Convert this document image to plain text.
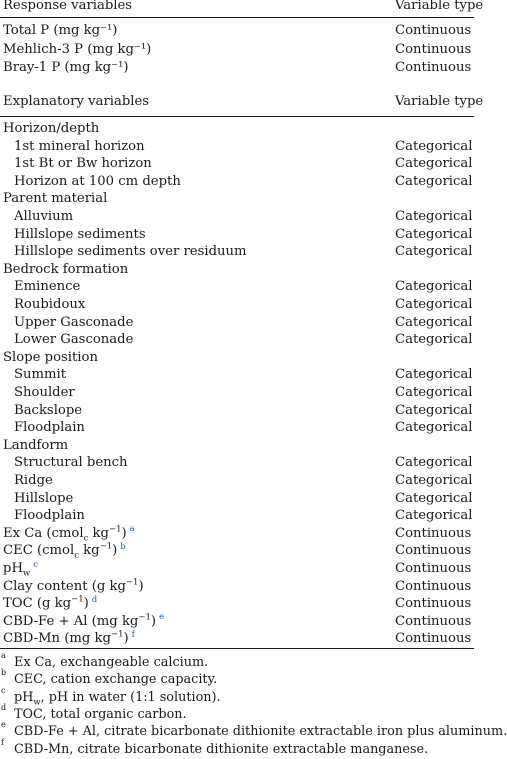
Response variables	Variable type
Total P (mg kg⁻¹)	Continuous
Mehlich-3 P (mg kg⁻¹)	Continuous
Bray-1 P (mg kg⁻¹)	Continuous
Explanatory variables	Variable type
Horizon/depth
1st mineral horizon	Categorical
1st Bt or Bw horizon	Categorical
Horizon at 100 cm depth	Categorical
Parent material
Alluvium	Categorical
Hillslope sediments	Categorical
Hillslope sediments over residuum	Categorical
Bedrock formation
Eminence	Categorical
Roubidoux	Categorical
Upper Gasconade	Categorical
Lower Gasconade	Categorical
Slope position
Summit	Categorical
Shoulder	Categorical
Backslope	Categorical
Floodplain	Categorical
Landform
Structural bench	Categorical
Ridge	Categorical
Hillslope	Categorical
Floodplain	Categorical
Ex Ca (cmol$_c$ $kg^{-1}$) $^a$	Continuous
CEC (cmol$_c$ $kg^{-1}$) $^b$	Continuous
$pH_w^c$	Continuous
Clay content (g $kg^{-1}$)	Continuous
TOC (g $kg^{-1}$) $^d$	Continuous
CBD-Fe + Al (mg $kg^{-1}$) $^e$	Continuous
CBD-Mn (mg $kg^{-1}$) $^f$	Continuous
a Ex Ca, exchangeable calcium.
b CEC, cation exchange capacity.
c $pH_w$, pH in water (1:1 solution).
d TOC, total organic carbon.
e CBD-Fe + Al, citrate bicarbonate dithionite extractable iron plus aluminum.
f CBD-Mn, citrate bicarbonate dithionite extractable manganese.
